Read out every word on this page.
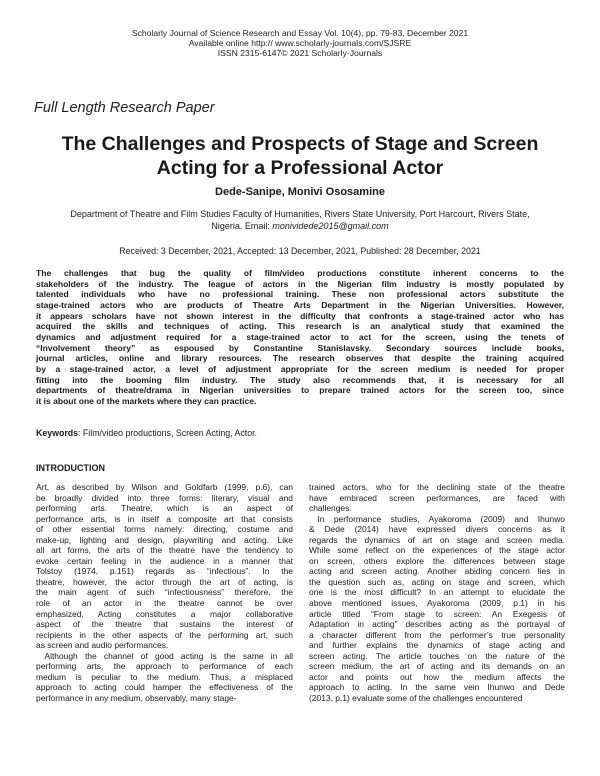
Scholarly Journal of Science Research and Essay Vol. 10(4), pp. 79-83, December 2021
Available online http:// www.scholarly-journals.com/SJSRE
ISSN 2315-6147© 2021 Scholarly-Journals
Full Length Research Paper
The Challenges and Prospects of Stage and Screen
Acting for a Professional Actor
Dede-Sanipe, Monivi Ososamine
Department of Theatre and Film Studies Faculty of Humanities, Rivers State University, Port Harcourt, Rivers State,
Nigeria. Email: monividede2015@gmail.com
Received: 3 December, 2021, Accepted: 13 December, 2021, Published: 28 December, 2021
The challenges that bug the quality of film/video productions constitute inherent concerns to the
stakeholders of the industry. The league of actors in the Nigerian film industry is mostly populated by
talented individuals who have no professional training. These non professional actors substitute the
stage-trained actors who are products of Theatre Arts Department in the Nigerian Universities. However,
it appears scholars have not shown interest in the difficulty that confronts a stage-trained actor who has
acquired the skills and techniques of acting. This research is an analytical study that examined the
dynamics and adjustment required for a stage-trained actor to act for the screen, using the tenets of
“Involvement theory” as espoused by Constantine Stanislavsky. Secondary sources include books,
journal articles, online and library resources. The research observes that despite the training acquired
by a stage-trained actor, a level of adjustment appropriate for the screen medium is needed for proper
fitting into the booming film industry. The study also recommends that, it is necessary for all
departments of theatre/drama in Nigerian universities to prepare trained actors for the screen too, since
it is about one of the markets where they can practice.
Keywords: Film/video productions, Screen Acting, Actor.
INTRODUCTION
Art, as described by Wilson and Goldfarb (1999, p.6), can
be broadly divided into three forms: literary, visual and
performing arts. Theatre, which is an aspect of
performance arts, is in itself a composite art that consists
of other essential forms namely: directing, costume and
make-up, lighting and design, playwriting and acting. Like
all art forms, the arts of the theatre have the tendency to
evoke certain feeling in the audience in a manner that
Tolstoy (1974, p.151) regards as “infectious”. In the
theatre, however, the actor through the art of acting, is
the main agent of such “infectiousness” therefore, the
role of an actor in the theatre cannot be over
emphasized. Acting constitutes a major collaborative
aspect of the theatre that sustains the interest of
recipients in the other aspects of the performing art, such
as screen and audio performances.
 Although the channel of good acting is the same in all
performing arts, the approach to performance of each
medium is peculiar to the medium. Thus, a misplaced
approach to acting could hamper the effectiveness of the
performance in any medium, observably, many stage-
trained actors, who for the declining state of the theatre
have embraced screen performances, are faced with
challenges.
 In performance studies, Ayakoroma (2009) and Ihunwo
& Dede (2014) have expressed divers concerns as it
regards the dynamics of art on stage and screen media.
While some reflect on the experiences of the stage actor
on screen, others explore the differences between stage
acting and screen acting. Another abiding concern lies in
the question such as, acting on stage and screen, which
one is the most difficult? In an attempt to elucidate the
above mentioned issues, Ayakoroma (2009, p.1) in his
article titled “From stage to screen: An Exegesis of
Adaptation in acting” describes acting as the portrayal of
a character different from the performer’s true personality
and further explains the dynamics of stage acting and
screen acting. The article touches on the nature of the
screen medium, the art of acting and its demands on an
actor and points out how the medium affects the
approach to acting. In the same vein Ihunwo and Dede
(2013, p.1) evaluate some of the challenges encountered
